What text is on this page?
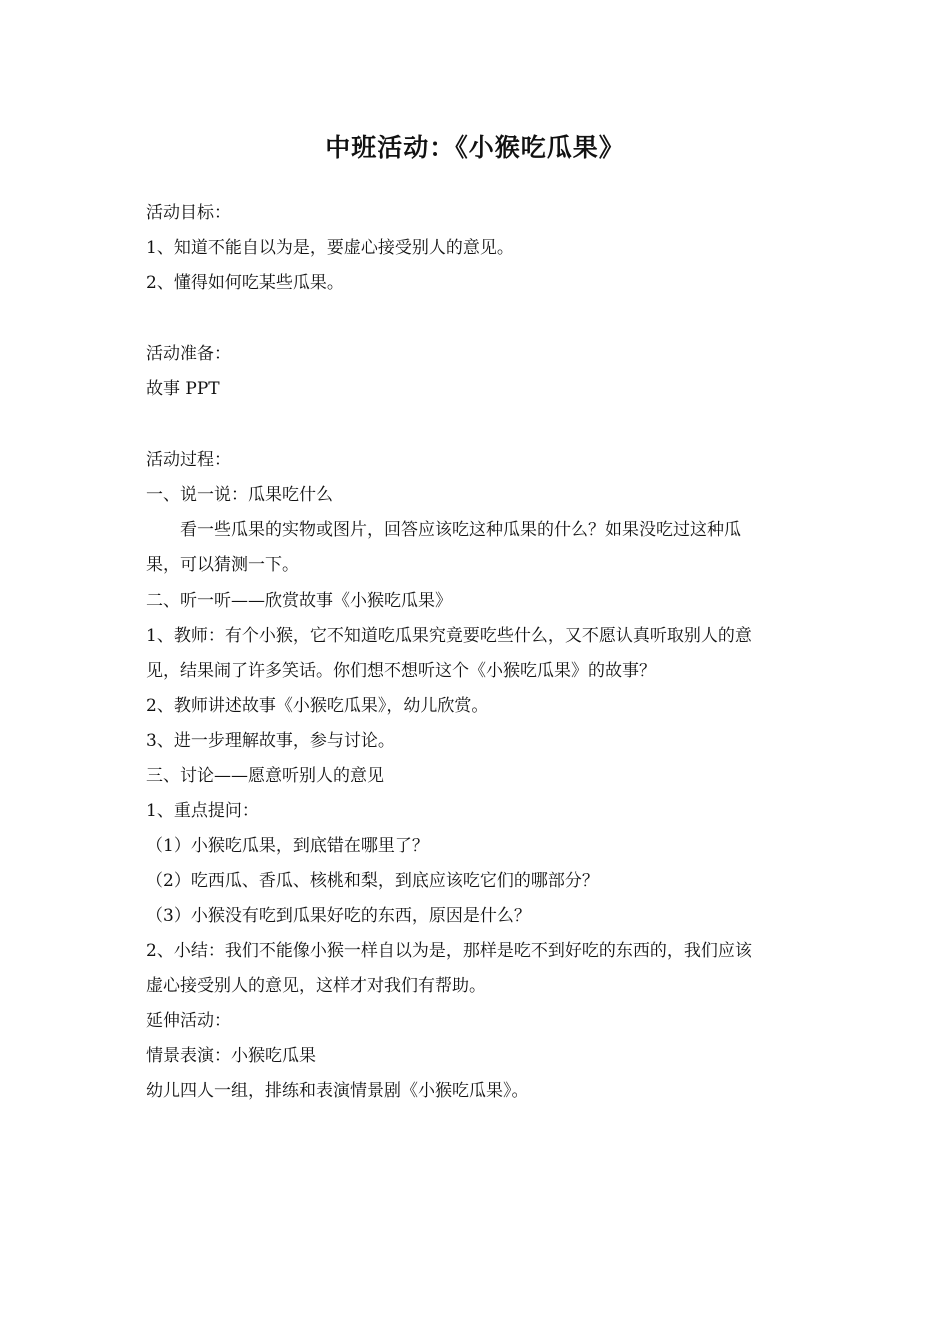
中班活动：《小猴吃瓜果》

活动目标：

1、知道不能自以为是，要虚心接受别人的意见。

2、懂得如何吃某些瓜果。

活动准备：

故事 PPT

活动过程：

一、说一说：瓜果吃什么

看一些瓜果的实物或图片，回答应该吃这种瓜果的什么？如果没吃过这种瓜

果，可以猜测一下。

二、听一听——欣赏故事《小猴吃瓜果》

1、教师：有个小猴，它不知道吃瓜果究竟要吃些什么，又不愿认真听取别人的意

见，结果闹了许多笑话。你们想不想听这个《小猴吃瓜果》的故事？

2、教师讲述故事《小猴吃瓜果》，幼儿欣赏。

3、进一步理解故事，参与讨论。

三、讨论——愿意听别人的意见

1、重点提问：

（1）小猴吃瓜果，到底错在哪里了？

（2）吃西瓜、香瓜、核桃和梨，到底应该吃它们的哪部分？

（3）小猴没有吃到瓜果好吃的东西，原因是什么？

2、小结：我们不能像小猴一样自以为是，那样是吃不到好吃的东西的，我们应该

虚心接受别人的意见，这样才对我们有帮助。

延伸活动：

情景表演：小猴吃瓜果

幼儿四人一组，排练和表演情景剧《小猴吃瓜果》。
